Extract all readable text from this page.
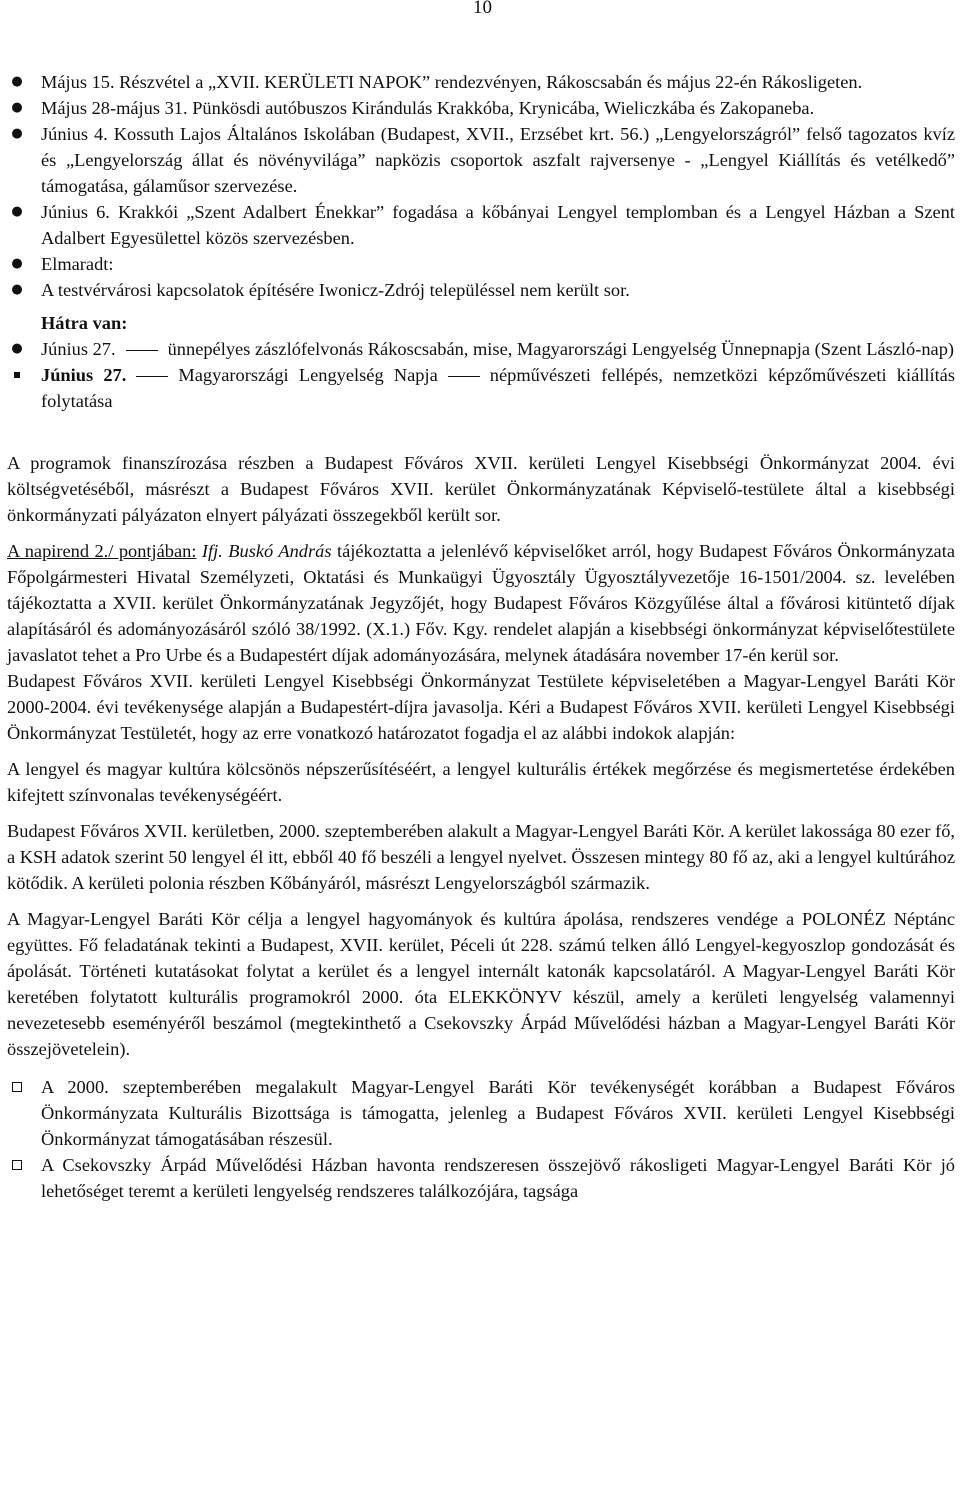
10
● Május 15. Részvétel a „XVII. KERÜLETI NAPOK” rendezvényen, Rákoscsabán és május 22-én Rákosligeten.
● Május 28-május 31. Pünkösdi autóbuszos Kirándulás Krakkóba, Krynicába, Wieliczkába és Zakopaneba.
● Június 4. Kossuth Lajos Általános Iskolában (Budapest, XVII., Erzsébet krt. 56.) „Lengyelországról” felső tagozatos kvíz és „Lengyelország állat és növényvilága” napközis csoportok aszfalt rajversenye - „Lengyel Kiállítás és vetélkedő” támogatása, gálaműsor szervezése.
● Június 6. Krakkói „Szent Adalbert Énekkar” fogadása a kőbányai Lengyel templomban és a Lengyel Házban a Szent Adalbert Egyesülettel közös szervezésben.
● Elmaradt:
● A testvérvárosi kapcsolatok építésére Iwonicz-Zdrój településsel nem került sor.
Hátra van:
● Június 27.	ünnepélyes zászlófelvonás Rákoscsabán, mise, Magyarországi Lengyelség Ünnepnapja (Szent László-nap)
Június 27.	Magyarországi Lengyelség Napja	népművészeti fellépés, nemzetközi képzőművészeti kiállítás folytatása

A programok finanszírozása részben a Budapest Főváros XVII. kerületi Lengyel Kisebbségi Önkormányzat 2004. évi költségvetéséből, másrészt a Budapest Főváros XVII. kerület Önkormányzatának Képviselő-testülete által a kisebbségi önkormányzati pályázaton elnyert pályázati összegekből került sor.

A napirend 2./ pontjában: Ifj. Buskó András tájékoztatta a jelenlévő képviselőket arról, hogy Budapest Főváros Önkormányzata Főpolgármesteri Hivatal Személyzeti, Oktatási és Munkaügyi Ügyosztály Ügyosztályvezetője 16-1501/2004. sz. levelében tájékoztatta a XVII. kerület Önkormányzatának Jegyzőjét, hogy Budapest Főváros Közgyűlése által a fővárosi kitüntető díjak alapításáról és adományozásáról szóló 38/1992. (X.1.) Főv. Kgy. rendelet alapján a kisebbségi önkormányzat képviselőtestülete javaslatot tehet a Pro Urbe és a Budapestért díjak adományozására, melynek átadására november 17-én kerül sor.

Budapest Főváros XVII. kerületi Lengyel Kisebbségi Önkormányzat Testülete képviseletében a Magyar-Lengyel Baráti Kör 2000-2004. évi tevékenysége alapján a Budapestért-díjra javasolja. Kéri a Budapest Főváros XVII. kerületi Lengyel Kisebbségi Önkormányzat Testületét, hogy az erre vonatkozó határozatot fogadja el az alábbi indokok alapján:

A lengyel és magyar kultúra kölcsönös népszerűsítéséért, a lengyel kulturális értékek megőrzése és megismertetése érdekében kifejtett színvonalas tevékenységéért.

Budapest Főváros XVII. kerületben, 2000. szeptemberében alakult a Magyar-Lengyel Baráti Kör. A kerület lakossága 80 ezer fő, a KSH adatok szerint 50 lengyel él itt, ebből 40 fő beszéli a lengyel nyelvet. Összesen mintegy 80 fő az, aki a lengyel kultúrához kötődik. A kerületi polonia részben Kőbányáról, másrészt Lengyelországból származik.

A Magyar-Lengyel Baráti Kör célja a lengyel hagyományok és kultúra ápolása, rendszeres vendége a POLONÉZ Néptánc együttes. Fő feladatának tekinti a Budapest, XVII. kerület, Péceli út 228. számú telken álló Lengyel-kegyoszlop gondozását és ápolását. Történeti kutatásokat folytat a kerület és a lengyel internált katonák kapcsolatáról. A Magyar-Lengyel Baráti Kör keretében folytatott kulturális programokról 2000. óta ELEKKÖNYV készül, amely a kerületi lengyelség valamennyi nevezetesebb eseményéről beszámol (megtekinthető a Csekovszky Árpád Művelődési házban a Magyar-Lengyel Baráti Kör összejövetelein).

A 2000. szeptemberében megalakult Magyar-Lengyel Baráti Kör tevékenységét korábban a Budapest Főváros Önkormányzata Kulturális Bizottsága is támogatta, jelenleg a Budapest Főváros XVII. kerületi Lengyel Kisebbségi Önkormányzat támogatásában részesül.
A Csekovszky Árpád Művelődési Házban havonta rendszeresen összejövő rákosligeti Magyar-Lengyel Baráti Kör jó lehetőséget teremt a kerületi lengyelség rendszeres találkozójára, tagsága
